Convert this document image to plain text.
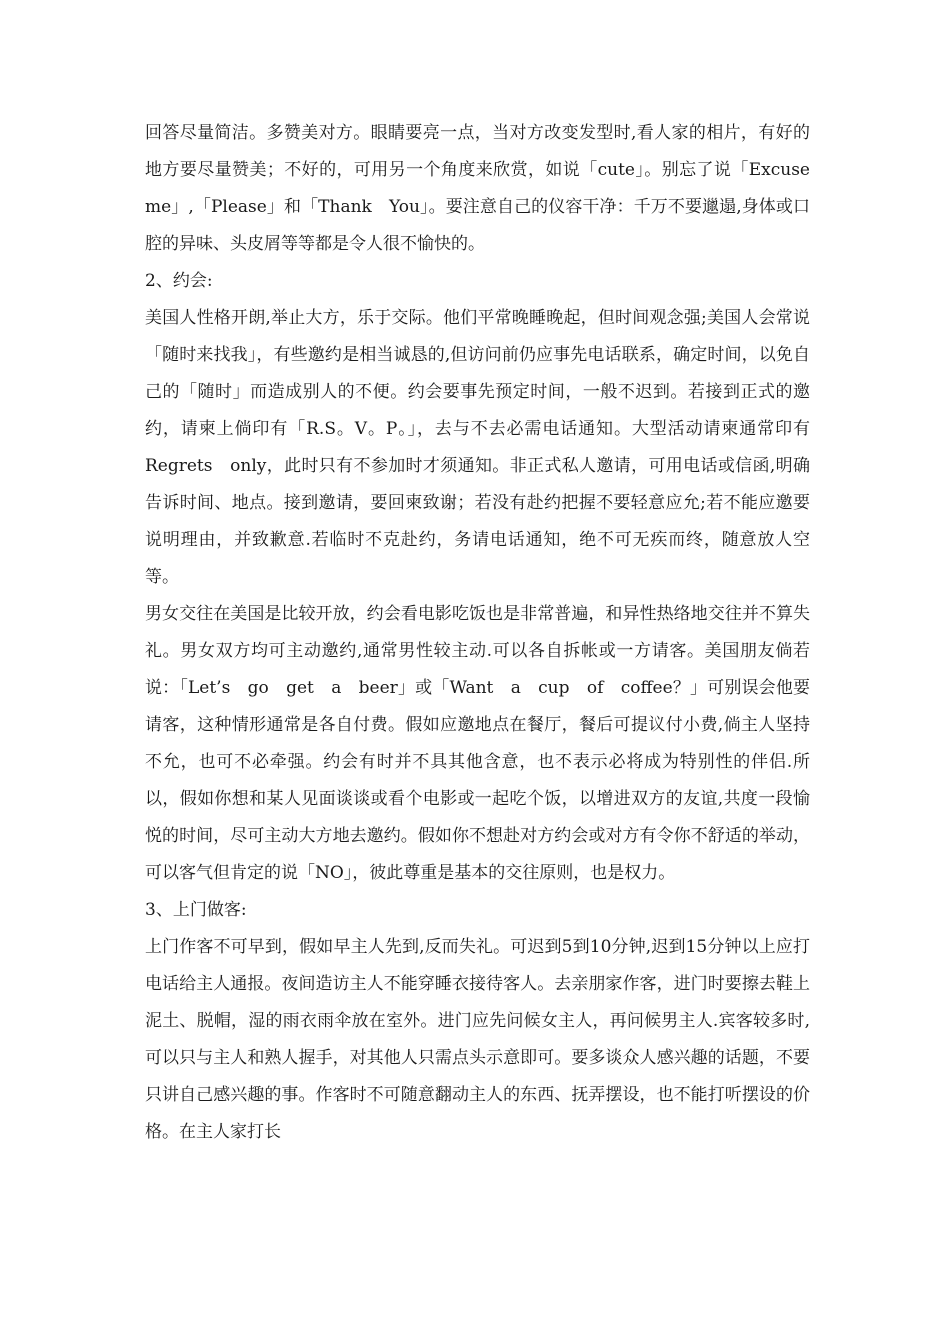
回答尽量简洁。多赞美对方。眼睛要亮一点，当对方改变发型时,看人家的相片，有好的地方要尽量赞美；不好的，可用另一个角度来欣赏，如说「cute」。别忘了说「Excuse　me」,「Please」和「Thank　You」。要注意自己的仪容干净：千万不要邋遢,身体或口腔的异味、头皮屑等等都是令人很不愉快的。

2、约会:

美国人性格开朗,举止大方，乐于交际。他们平常晚睡晚起，但时间观念强;美国人会常说「随时来找我」，有些邀约是相当诚恳的,但访问前仍应事先电话联系，确定时间，以免自己的「随时」而造成别人的不便。约会要事先预定时间，一般不迟到。若接到正式的邀约，请柬上倘印有「R.S。V。P。」，去与不去必需电话通知。大型活动请柬通常印有　Regrets　only，此时只有不参加时才须通知。非正式私人邀请，可用电话或信函,明确告诉时间、地点。接到邀请，要回柬致谢；若没有赴约把握不要轻意应允;若不能应邀要说明理由，并致歉意.若临时不克赴约，务请电话通知，绝不可无疾而终，随意放人空等。

男女交往在美国是比较开放，约会看电影吃饭也是非常普遍，和异性热络地交往并不算失礼。男女双方均可主动邀约,通常男性较主动.可以各自拆帐或一方请客。美国朋友倘若说：「Let’s　go　get　a　beer」或「Want　a　cup　of　coffee？」可别误会他要请客，这种情形通常是各自付费。假如应邀地点在餐厅，餐后可提议付小费,倘主人坚持不允，也可不必牵强。约会有时并不具其他含意，也不表示必将成为特别性的伴侣.所以，假如你想和某人见面谈谈或看个电影或一起吃个饭，以增进双方的友谊,共度一段愉悦的时间，尽可主动大方地去邀约。假如你不想赴对方约会或对方有令你不舒适的举动，可以客气但肯定的说「NO」，彼此尊重是基本的交往原则，也是权力。

3、上门做客:

上门作客不可早到，假如早主人先到,反而失礼。可迟到5到10分钟,迟到15分钟以上应打电话给主人通报。夜间造访主人不能穿睡衣接待客人。去亲朋家作客，进门时要擦去鞋上泥土、脱帽，湿的雨衣雨伞放在室外。进门应先问候女主人，再问候男主人.宾客较多时,可以只与主人和熟人握手，对其他人只需点头示意即可。要多谈众人感兴趣的话题，不要只讲自己感兴趣的事。作客时不可随意翻动主人的东西、抚弄摆设，也不能打听摆设的价格。在主人家打长
